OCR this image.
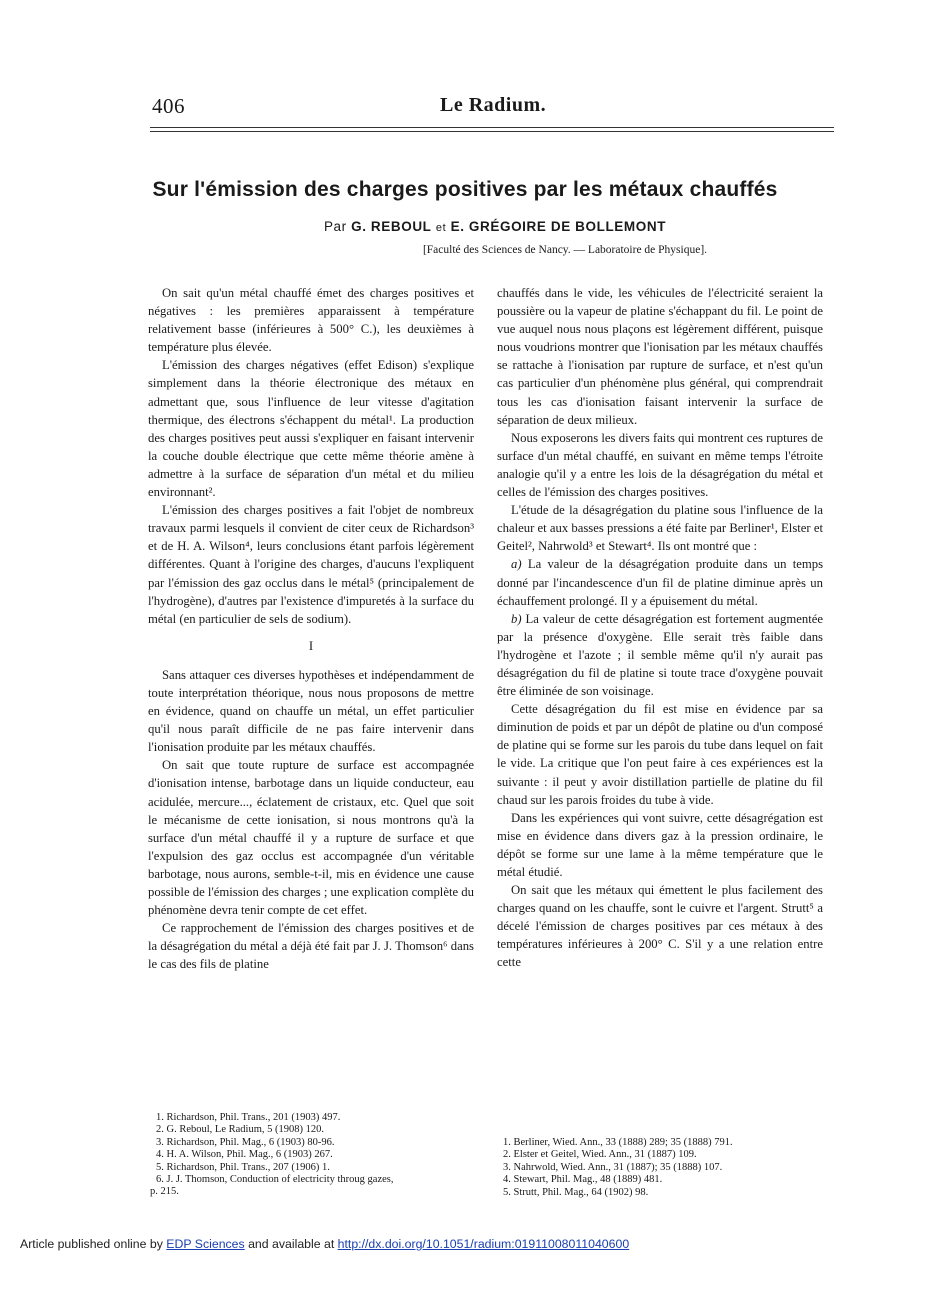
406	Le Radium.
Sur l'émission des charges positives par les métaux chauffés
Par G. REBOUL et E. GRÉGOIRE DE BOLLEMONT
[Faculté des Sciences de Nancy. — Laboratoire de Physique].

On sait qu'un métal chauffé émet des charges positives et négatives : les premières apparaissent à température relativement basse (inférieures à 500° C.), les deuxièmes à température plus élevée.

L'émission des charges négatives (effet Edison) s'explique simplement dans la théorie électronique des métaux en admettant que, sous l'influence de leur vitesse d'agitation thermique, des électrons s'échappent du métal¹. La production des charges positives peut aussi s'expliquer en faisant intervenir la couche double électrique que cette même théorie amène à admettre à la surface de séparation d'un métal et du milieu environnant².

L'émission des charges positives a fait l'objet de nombreux travaux parmi lesquels il convient de citer ceux de Richardson³ et de H. A. Wilson⁴, leurs conclusions étant parfois légèrement différentes. Quant à l'origine des charges, d'aucuns l'expliquent par l'émission des gaz occlus dans le métal⁵ (principalement de l'hydrogène), d'autres par l'existence d'impuretés à la surface du métal (en particulier de sels de sodium).

I

Sans attaquer ces diverses hypothèses et indépendamment de toute interprétation théorique, nous nous proposons de mettre en évidence, quand on chauffe un métal, un effet particulier qu'il nous paraît difficile de ne pas faire intervenir dans l'ionisation produite par les métaux chauffés.

On sait que toute rupture de surface est accompagnée d'ionisation intense, barbotage dans un liquide conducteur, eau acidulée, mercure..., éclatement de cristaux, etc. Quel que soit le mécanisme de cette ionisation, si nous montrons qu'à la surface d'un métal chauffé il y a rupture de surface et que l'expulsion des gaz occlus est accompagnée d'un véritable barbotage, nous aurons, semble-t-il, mis en évidence une cause possible de l'émission des charges ; une explication complète du phénomène devra tenir compte de cet effet.

Ce rapprochement de l'émission des charges positives et de la désagrégation du métal a déjà été fait par J. J. Thomson⁶ dans le cas des fils de platine

chauffés dans le vide, les véhicules de l'électricité seraient la poussière ou la vapeur de platine s'échappant du fil. Le point de vue auquel nous nous plaçons est légèrement différent, puisque nous voudrions montrer que l'ionisation par les métaux chauffés se rattache à l'ionisation par rupture de surface, et n'est qu'un cas particulier d'un phénomène plus général, qui comprendrait tous les cas d'ionisation faisant intervenir la surface de séparation de deux milieux.

Nous exposerons les divers faits qui montrent ces ruptures de surface d'un métal chauffé, en suivant en même temps l'étroite analogie qu'il y a entre les lois de la désagrégation du métal et celles de l'émission des charges positives.

L'étude de la désagrégation du platine sous l'influence de la chaleur et aux basses pressions a été faite par Berliner¹, Elster et Geitel², Nahrwold³ et Stewart⁴. Ils ont montré que :

a) La valeur de la désagrégation produite dans un temps donné par l'incandescence d'un fil de platine diminue après un échauffement prolongé. Il y a épuisement du métal.

b) La valeur de cette désagrégation est fortement augmentée par la présence d'oxygène. Elle serait très faible dans l'hydrogène et l'azote ; il semble même qu'il n'y aurait pas désagrégation du fil de platine si toute trace d'oxygène pouvait être éliminée de son voisinage.

Cette désagrégation du fil est mise en évidence par sa diminution de poids et par un dépôt de platine ou d'un composé de platine qui se forme sur les parois du tube dans lequel on fait le vide. La critique que l'on peut faire à ces expériences est la suivante : il peut y avoir distillation partielle de platine du fil chaud sur les parois froides du tube à vide.

Dans les expériences qui vont suivre, cette désagrégation est mise en évidence dans divers gaz à la pression ordinaire, le dépôt se forme sur une lame à la même température que le métal étudié.

On sait que les métaux qui émettent le plus facilement des charges quand on les chauffe, sont le cuivre et l'argent. Strutt⁵ a décelé l'émission de charges positives par ces métaux à des températures inférieures à 200° C. S'il y a une relation entre cette

1. Richardson, Phil. Trans., 201 (1903) 497.
2. G. Reboul, Le Radium, 5 (1908) 120.
3. Richardson, Phil. Mag., 6 (1903) 80-96.
4. H. A. Wilson, Phil. Mag., 6 (1903) 267.
5. Richardson, Phil. Trans., 207 (1906) 1.
6. J. J. Thomson, Conduction of electricity throug gazes,
p. 215.
1. Berliner, Wied. Ann., 33 (1888) 289; 35 (1888) 791.
2. Elster et Geitel, Wied. Ann., 31 (1887) 109.
3. Nahrwold, Wied. Ann., 31 (1887); 35 (1888) 107.
4. Stewart, Phil. Mag., 48 (1889) 481.
5. Strutt, Phil. Mag., 64 (1902) 98.
Article published online by EDP Sciences and available at http://dx.doi.org/10.1051/radium:01911008011040600
